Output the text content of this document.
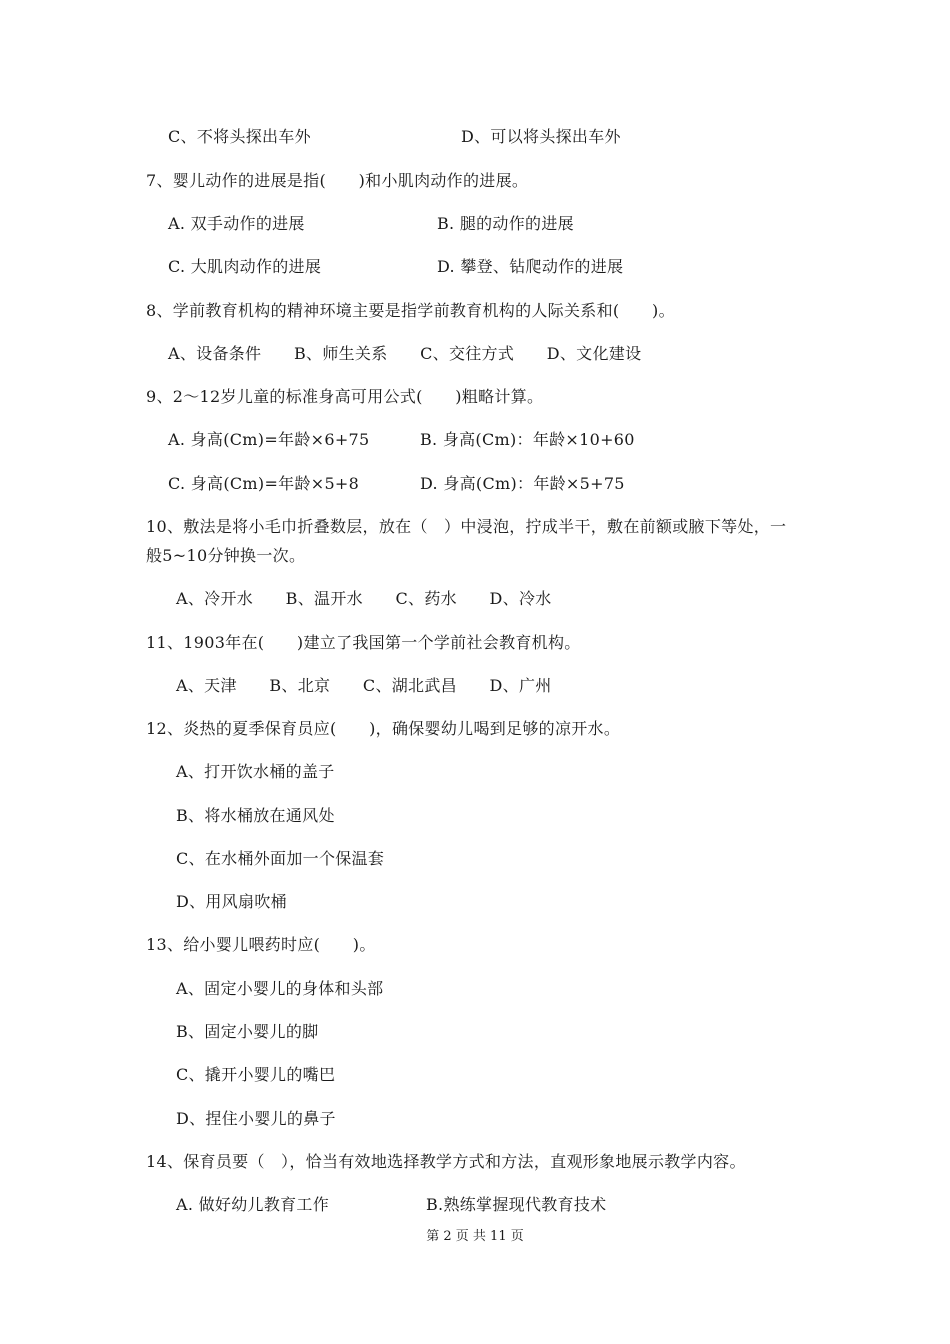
C、不将头探出车外	D、可以将头探出车外
7、婴儿动作的进展是指(　　)和小肌肉动作的进展。
A. 双手动作的进展	B. 腿的动作的进展
C. 大肌肉动作的进展	D. 攀登、钻爬动作的进展
8、学前教育机构的精神环境主要是指学前教育机构的人际关系和(　　)。
A、设备条件　　B、师生关系　　C、交往方式　　D、文化建设
9、2～12岁儿童的标准身高可用公式(　　)粗略计算。
A. 身高(Cm)=年龄×6+75	B. 身高(Cm)：年龄×10+60
C. 身高(Cm)=年龄×5+8	D. 身高(Cm)：年龄×5+75
10、敷法是将小毛巾折叠数层，放在（　）中浸泡，拧成半干，敷在前额或腋下等处，一
般5~10分钟换一次。
A、冷开水　　B、温开水　　C、药水　　D、冷水
11、1903年在(　　)建立了我国第一个学前社会教育机构。
A、天津　　B、北京　　C、湖北武昌　　D、广州
12、炎热的夏季保育员应(　　)，确保婴幼儿喝到足够的凉开水。
A、打开饮水桶的盖子
B、将水桶放在通风处
C、在水桶外面加一个保温套
D、用风扇吹桶
13、给小婴儿喂药时应(　　)。
A、固定小婴儿的身体和头部
B、固定小婴儿的脚
C、撬开小婴儿的嘴巴
D、捏住小婴儿的鼻子
14、保育员要（　），恰当有效地选择教学方式和方法，直观形象地展示教学内容。
A. 做好幼儿教育工作	B.熟练掌握现代教育技术
第 2 页 共 11 页
